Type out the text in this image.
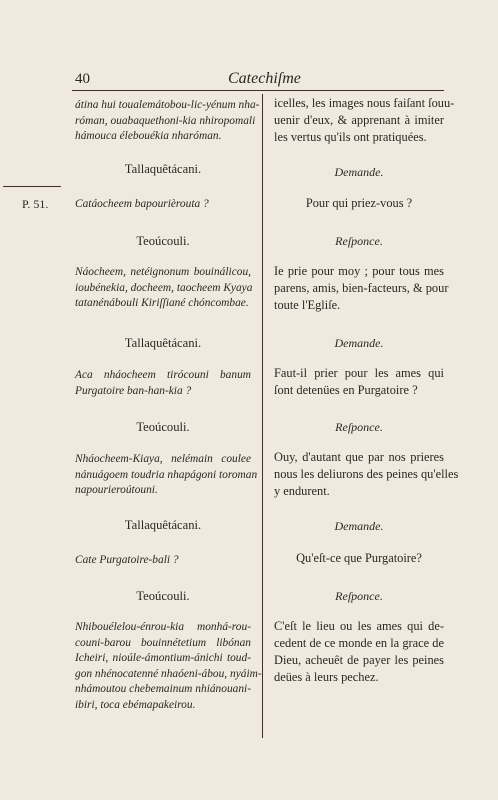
40	Catechiſme
P. 51.
átina hui toualemátobou-lic-yénum nha-
róman, ouabaquethoni-kia nhiropomali
hámouca élebouékia nharóman.
Tallaquêtácani.
Catáocheem bapourièrouta ?
Teoúcouli.
Náocheem, netéignonum bouinálicou,
ioubénekia, docheem, taocheem Kyaya
tatanénábouli Kiriſſiané chóncombae.
Tallaquêtácani.
Aca nháocheem tirócouni banum
Purgatoire ban-han-kia ?
Teoúcouli.
Nháocheem-Kiaya, nelémain coulee
nánuágoem toudria nhapágoni toroman
napourieroútouni.
Tallaquêtácani.
Cate Purgatoire-bali ?
Teoúcouli.
Nhibouélelou-énrou-kia monhá-rou-
couni-barou bouinnétetium libónan
Icheiri, nioúle-ámontium-ánichi toud-
gon nhénocatenné nhaóeni-ábou, nyáim-
nhámoutou chebemainum nhiánouani-
ibiri, toca ebémapakeirou.
icelles, les images nous faiſant ſouu-
uenir d'eux, & apprenant à imiter
les vertus qu'ils ont pratiquées.
Demande.
Pour qui priez-vous ?
Reſponce.
Ie prie pour moy ; pour tous mes
parens, amis, bien-facteurs, & pour
toute l'Egliſe.
Demande.
Faut-il prier pour les ames qui
ſont detenües en Purgatoire ?
Reſponce.
Ouy, d'autant que par nos prieres
nous les deliurons des peines qu'elles
y endurent.
Demande.
Qu'eſt-ce que Purgatoire?
Reſponce.
C'eſt le lieu ou les ames qui de-
cedent de ce monde en la grace de
Dieu, acheuêt de payer les peines
deües à leurs pechez.
